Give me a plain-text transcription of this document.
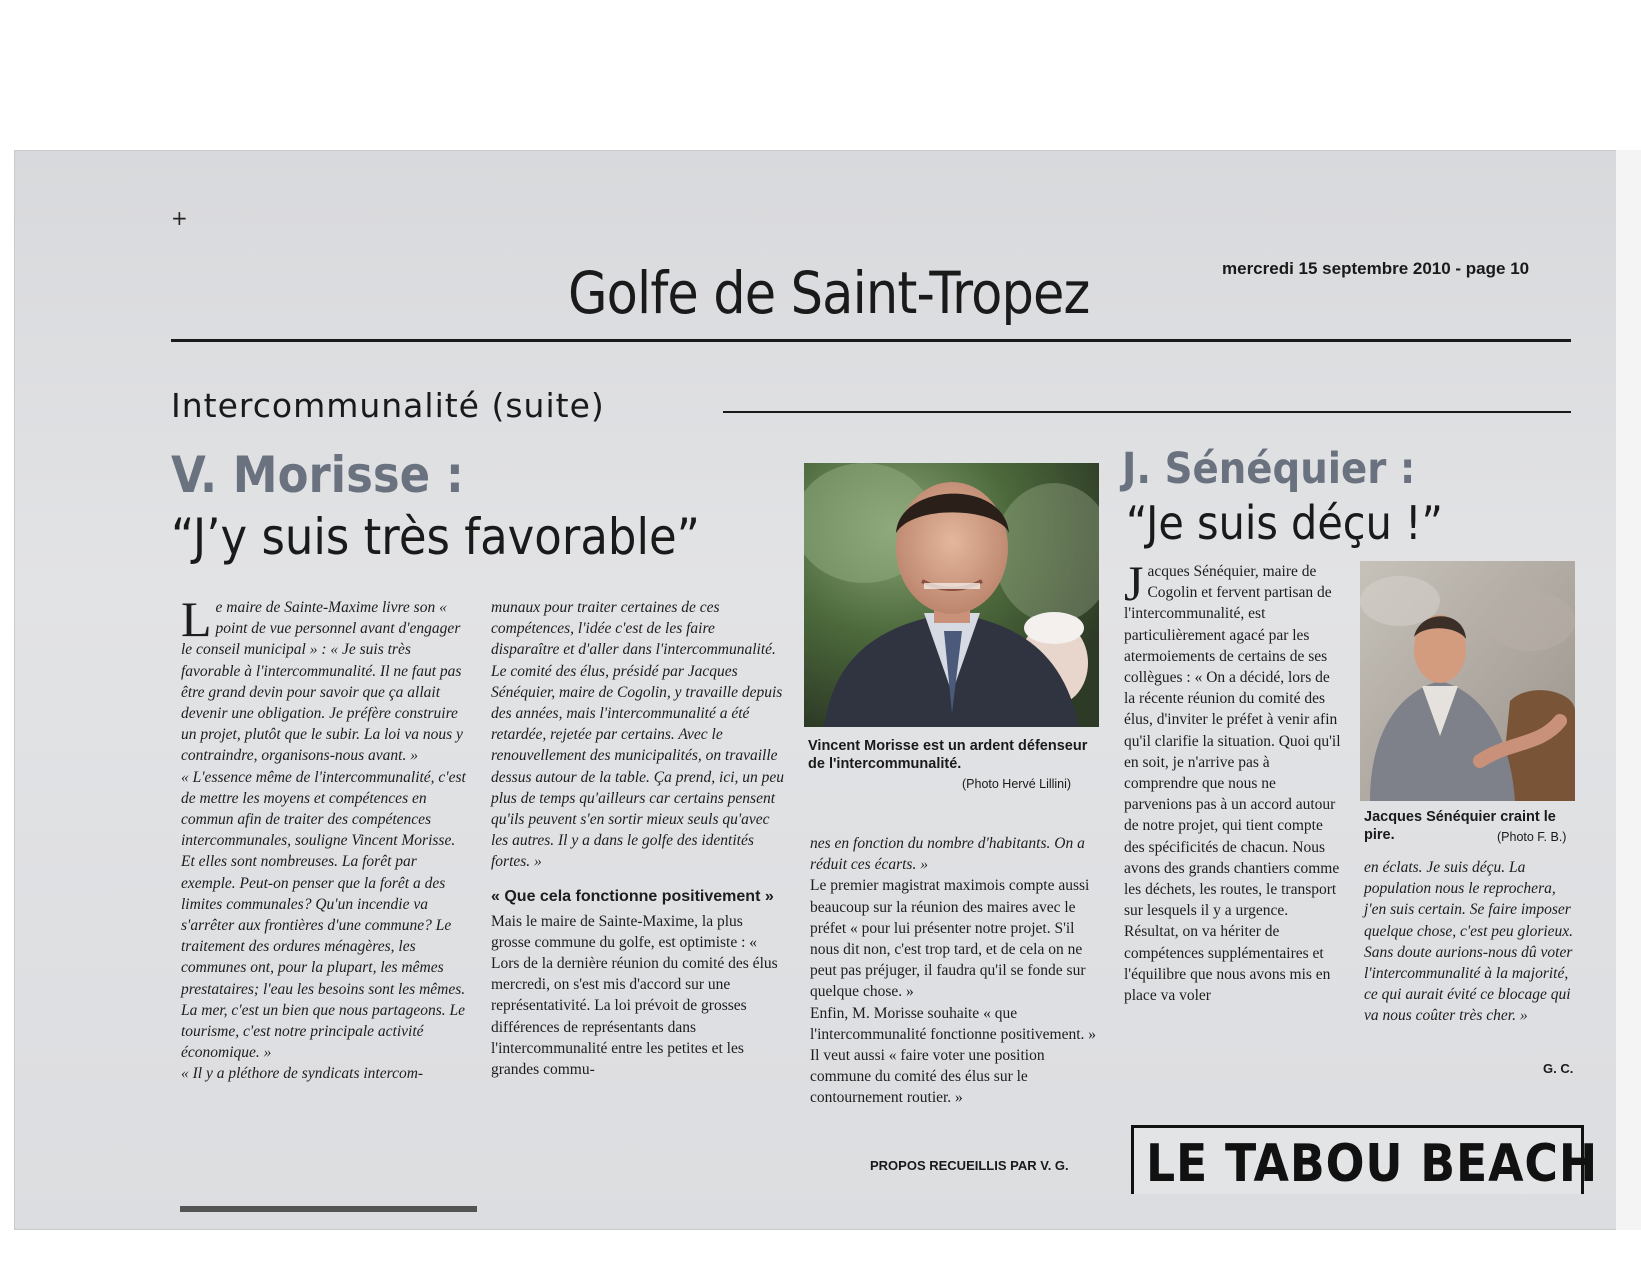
+
Golfe de Saint-Tropez	mercredi 15 septembre 2010 - page 10
Intercommunalité (suite)
V. Morisse :
“J’y suis très favorable”
J. Sénéquier :
“Je suis déçu !”
L e maire de Sainte-Maxime livre son « point de vue personnel avant d'engager le conseil municipal » : « Je suis très favorable à l'intercommunalité. Il ne faut pas être grand devin pour savoir que ça allait devenir une obligation. Je préfère construire un projet, plutôt que le subir. La loi va nous y contraindre, organisons-nous avant. »

« L'essence même de l'intercommunalité, c'est de mettre les moyens et compétences en commun afin de traiter des compétences intercommunales, souligne Vincent Morisse. Et elles sont nombreuses. La forêt par exemple. Peut-on penser que la forêt a des limites communales? Qu'un incendie va s'arrêter aux frontières d'une commune? Le traitement des ordures ménagères, les communes ont, pour la plupart, les mêmes prestataires; l'eau les besoins sont les mêmes. La mer, c'est un bien que nous partageons. Le tourisme, c'est notre principale activité économique. »

« Il y a pléthore de syndicats intercom-

munaux pour traiter certaines de ces compétences, l'idée c'est de les faire disparaître et d'aller dans l'intercommunalité. Le comité des élus, présidé par Jacques Sénéquier, maire de Cogolin, y travaille depuis des années, mais l'intercommunalité a été retardée, rejetée par certains. Avec le renouvellement des municipalités, on travaille dessus autour de la table. Ça prend, ici, un peu plus de temps qu'ailleurs car certains pensent qu'ils peuvent s'en sortir mieux seuls qu'avec les autres. Il y a dans le golfe des identités fortes. »

« Que cela fonctionne positivement »

Mais le maire de Sainte-Maxime, la plus grosse commune du golfe, est optimiste : « Lors de la dernière réunion du comité des élus mercredi, on s'est mis d'accord sur une représentativité. La loi prévoit de grosses différences de représentants dans l'intercommunalité entre les petites et les grandes commu-

Vincent Morisse est un ardent défenseur de l'intercommunalité.
(Photo Hervé Lillini)

nes en fonction du nombre d'habitants. On a réduit ces écarts. »

Le premier magistrat maximois compte aussi beaucoup sur la réunion des maires avec le préfet « pour lui présenter notre projet. S'il nous dit non, c'est trop tard, et de cela on ne peut pas préjuger, il faudra qu'il se fonde sur quelque chose. »

Enfin, M. Morisse souhaite « que l'intercommunalité fonctionne positivement. » Il veut aussi « faire voter une position commune du comité des élus sur le contournement routier. »

PROPOS RECUEILLIS PAR V. G.
J acques Sénéquier, maire de Cogolin et fervent partisan de l'intercommunalité, est particulièrement agacé par les atermoiements de certains de ses collègues : « On a décidé, lors de la récente réunion du comité des élus, d'inviter le préfet à venir afin qu'il clarifie la situation. Quoi qu'il en soit, je n'arrive pas à comprendre que nous ne parvenions pas à un accord autour de notre projet, qui tient compte des spécificités de chacun. Nous avons des grands chantiers comme les déchets, les routes, le transport sur lesquels il y a urgence. Résultat, on va hériter de compétences supplémentaires et l'équilibre que nous avons mis en place va voler

Jacques Sénéquier craint le pire.	(Photo F. B.)

en éclats. Je suis déçu. La population nous le reprochera, j'en suis certain. Se faire imposer quelque chose, c'est peu glorieux. Sans doute aurions-nous dû voter l'intercommunalité à la majorité, ce qui aurait évité ce blocage qui va nous coûter très cher. »

G. C.
LE TABOU BEACH
